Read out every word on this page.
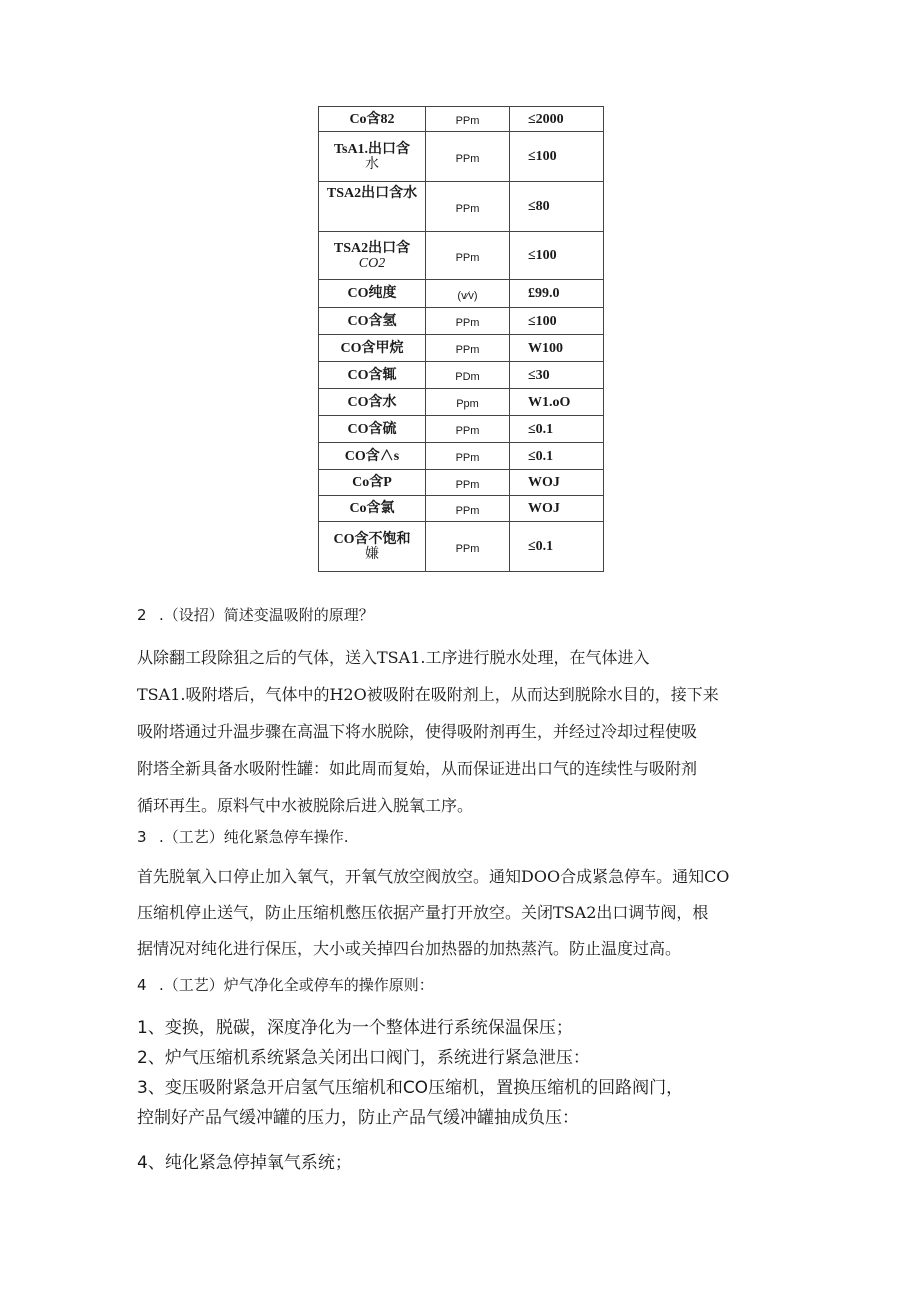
Co含82	PPm	≤2000
TsA1.出口含
水	PPm	≤100
TSA2出口含水	PPm	≤80
TSA2出口含
CO2	PPm	≤100
CO纯度	(v∕v)	£99.0
CO含氢	PPm	≤100
CO含甲烷	PPm	W100
CO含辄	PDm	≤30
CO含水	Ppm	W1.oO
CO含硫	PPm	≤0.1
CO含∧s	PPm	≤0.1
Co含P	PPm	WOJ
Co含氯	PPm	WOJ
CO含不饱和
嫌	PPm	≤0.1
2 .（设招）简述变温吸附的原理？

从除翻工段除狙之后的气体，送入TSA1.工序进行脱水处理，在气体进入

TSA1.吸附塔后，气体中的H2O被吸附在吸附剂上，从而达到脱除水目的，接下来

吸附塔通过升温步骤在高温下将水脱除，使得吸附剂再生，并经过冷却过程使吸

附塔全新具备水吸附性罐：如此周而复始，从而保证进出口气的连续性与吸附剂

循环再生。原料气中水被脱除后进入脱氧工序。

3 .（工艺）纯化紧急停车操作.

首先脱氧入口停止加入氧气，开氧气放空阀放空。通知DOO合成紧急停车。通知CO

压缩机停止送气，防止压缩机憋压依据产量打开放空。关闭TSA2出口调节阀，根

据情况对纯化进行保压，大小或关掉四台加热器的加热蒸汽。防止温度过高。

4 .（工艺）炉气净化全或停车的操作原则：

1、变换，脱碳，深度净化为一个整体进行系统保温保压；

2、炉气压缩机系统紧急关闭出口阀门，系统进行紧急泄压：

3、变压吸附紧急开启氢气压缩机和CO压缩机，置换压缩机的回路阀门，
控制好产品气缓冲罐的压力，防止产品气缓冲罐抽成负压：

4、纯化紧急停掉氧气系统；
